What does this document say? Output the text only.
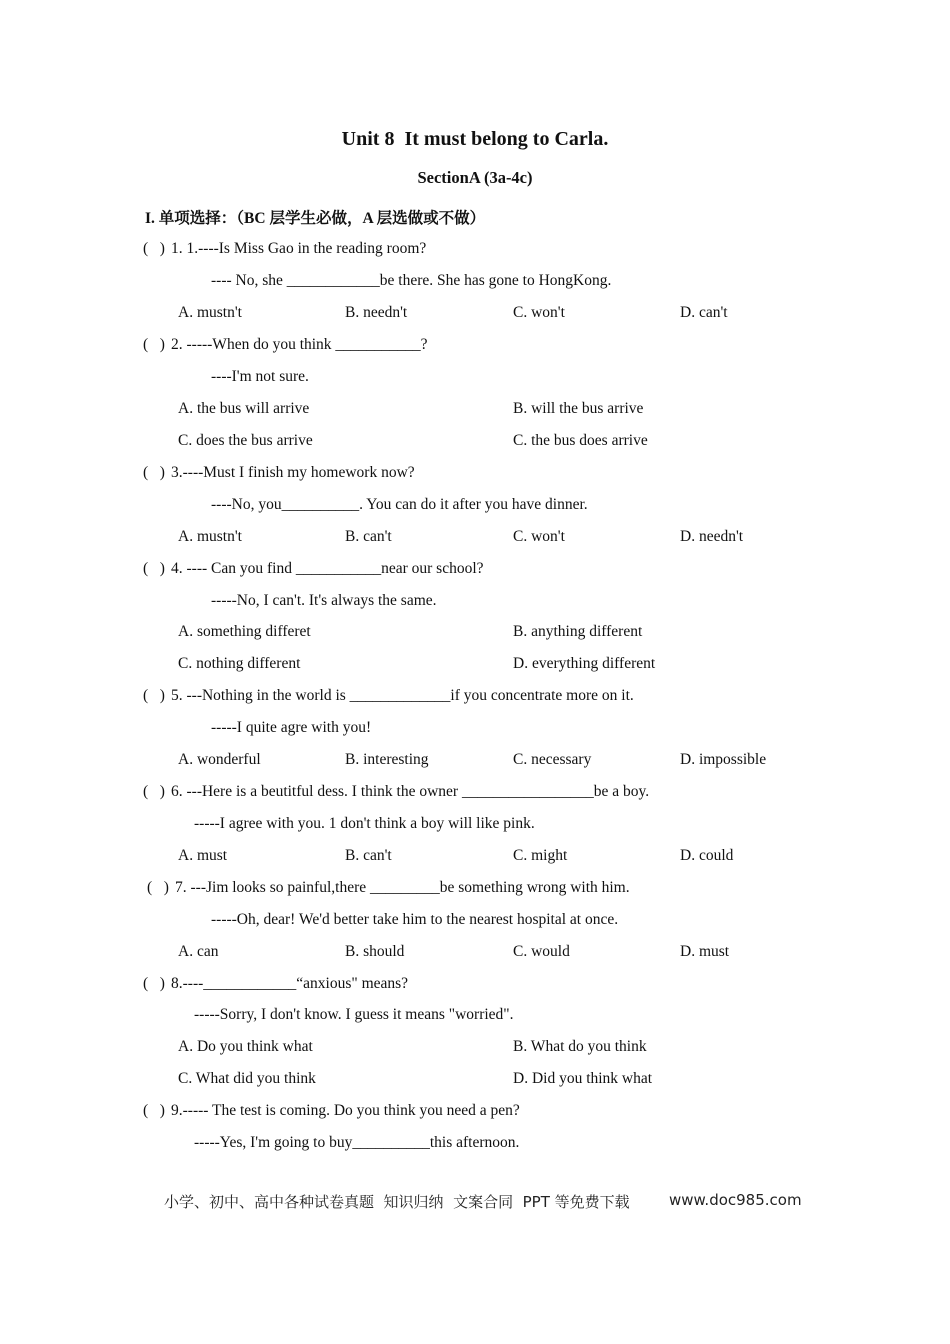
Unit 8  It must belong to Carla.
SectionA (3a-4c)
I. 单项选择：（BC 层学生必做，A 层选做或不做）
(   ) 1. 1.----Is Miss Gao in the reading room?
---- No, she ____________be there. She has gone to HongKong.
A. mustn't	B. needn't	C. won't	D. can't
(   ) 2. -----When do you think ___________?
----I'm not sure.
A. the bus will arrive	B. will the bus arrive
C. does the bus arrive	C. the bus does arrive
(   ) 3.----Must I finish my homework now?
----No, you__________. You can do it after you have dinner.
A. mustn't	B. can't	C. won't	D. needn't
(   ) 4. ---- Can you find ___________near our school?
-----No, I can't. It's always the same.
A. something differet	B. anything different
C. nothing different	D. everything different
(   ) 5. ---Nothing in the world is _____________if you concentrate more on it.
-----I quite agre with you!
A. wonderful	B. interesting	C. necessary	D. impossible
(   ) 6. ---Here is a beutitful dess. I think the owner _________________be a boy.
-----I agree with you. 1 don't think a boy will like pink.
A. must	B. can't	C. might	D. could
(   ) 7. ---Jim looks so painful,there _________be something wrong with him.
-----Oh, dear! We'd better take him to the nearest hospital at once.
A. can	B. should	C. would	D. must
(   ) 8.----____________“anxious" means?
-----Sorry, I don't know. I guess it means "worried".
A. Do you think what	B. What do you think
C. What did you think	D. Did you think what
(   ) 9.----- The test is coming. Do you think you need a pen?
-----Yes, I'm going to buy__________this afternoon.
小学、初中、高中各种试卷真题  知识归纳  文案合同  PPT 等免费下载	www.doc985.com
